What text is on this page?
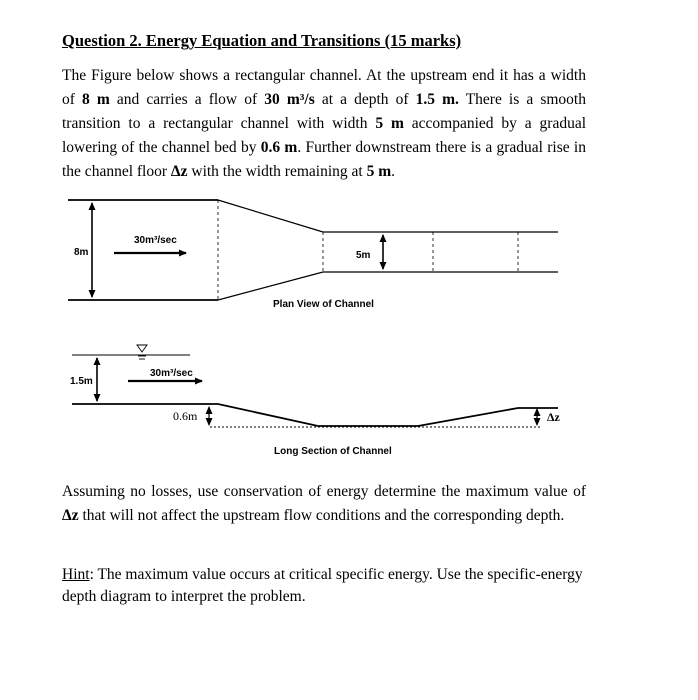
Question 2. Energy Equation and Transitions (15 marks)
The Figure below shows a rectangular channel. At the upstream end it has a width of 8 m and carries a flow of 30 m³/s at a depth of 1.5 m. There is a smooth transition to a rectangular channel with width 5 m accompanied by a gradual lowering of the channel bed by 0.6 m. Further downstream there is a gradual rise in the channel floor Δz with the width remaining at 5 m.
8m
30m³/sec
5m
Plan View of Channel
1.5m
30m³/sec
0.6m	Δz
Long Section of Channel
Assuming no losses, use conservation of energy determine the maximum value of Δz that will not affect the upstream flow conditions and the corresponding depth.
Hint: The maximum value occurs at critical specific energy. Use the specific-energy depth diagram to interpret the problem.
